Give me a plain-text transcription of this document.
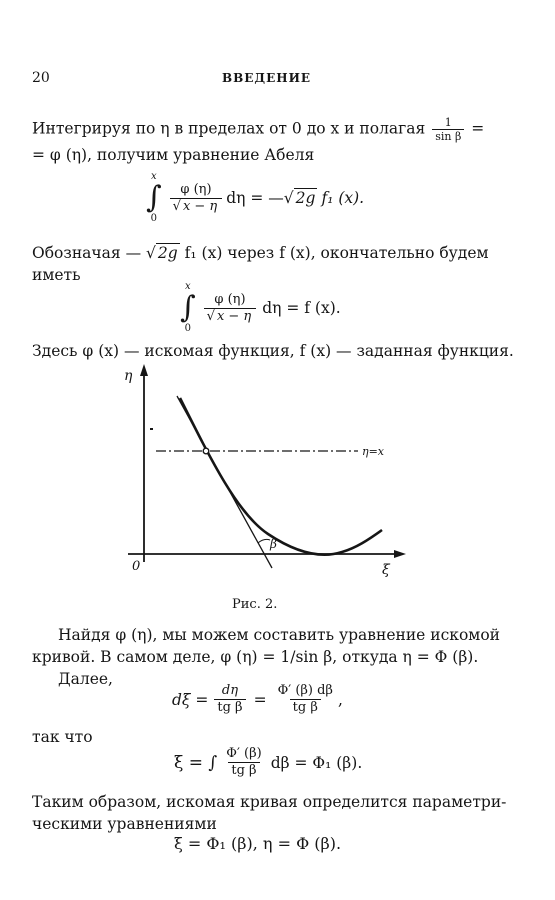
20	ВВЕДЕНИЕ
Интегрируя по η в пределах от 0 до x и полагая $\frac{1}{\text{sin β}}$ =
= φ (η), получим уравнение Абеля
x
∫
0
$\frac{\varphi (\eta)}{√ x - \eta}$ dη = — √ 2g f₁ (x).
Обозначая — √ 2g f₁ (x) через f (x), окончательно будем
иметь
x
∫
0
$\frac{\varphi (\eta)}{√ x - \eta}$ dη = f (x).
Здесь φ (x) — искомая функция, f (x) — заданная функция.
η
ξ
0
η=x
β
Рис. 2.
Найдя φ (η), мы можем составить уравнение искомой
кривой. В самом деле, φ (η) = 1/sin β, откуда η = Φ (β).
Далее,
$d\xi = \frac{d\eta}{\text{tg β}} = \frac{\Phi' (\beta) d\beta}{\text{tg β}}$ ,
так что
ξ = ∫ $\frac{\Phi' (\beta)}{\text{tg β}}$ dβ = Φ₁ (β).
Таким образом, искомая кривая определится параметри-
ческими уравнениями
ξ = Φ₁ (β), η = Φ (β).
